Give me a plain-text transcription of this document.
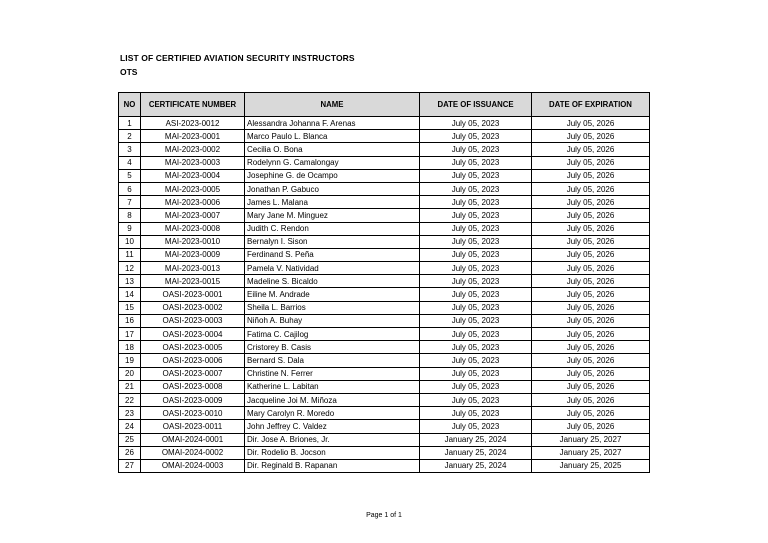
LIST OF CERTIFIED AVIATION SECURITY INSTRUCTORS
OTS
NO	CERTIFICATE NUMBER	NAME	DATE OF ISSUANCE	DATE OF EXPIRATION
1	ASI-2023-0012	Alessandra Johanna F. Arenas	July 05, 2023	July 05, 2026
2	MAI-2023-0001	Marco Paulo L. Blanca	July 05, 2023	July 05, 2026
3	MAI-2023-0002	Cecilia O. Bona	July 05, 2023	July 05, 2026
4	MAI-2023-0003	Rodelynn G. Camalongay	July 05, 2023	July 05, 2026
5	MAI-2023-0004	Josephine G. de Ocampo	July 05, 2023	July 05, 2026
6	MAI-2023-0005	Jonathan P. Gabuco	July 05, 2023	July 05, 2026
7	MAI-2023-0006	James L. Malana	July 05, 2023	July 05, 2026
8	MAI-2023-0007	Mary Jane M. Minguez	July 05, 2023	July 05, 2026
9	MAI-2023-0008	Judith C. Rendon	July 05, 2023	July 05, 2026
10	MAI-2023-0010	Bernalyn I. Sison	July 05, 2023	July 05, 2026
11	MAI-2023-0009	Ferdinand S. Peña	July 05, 2023	July 05, 2026
12	MAI-2023-0013	Pamela V. Natividad	July 05, 2023	July 05, 2026
13	MAI-2023-0015	Madeline S. Bicaldo	July 05, 2023	July 05, 2026
14	OASI-2023-0001	Eiline M. Andrade	July 05, 2023	July 05, 2026
15	OASI-2023-0002	Sheila L. Barrios	July 05, 2023	July 05, 2026
16	OASI-2023-0003	Niñoh A. Buhay	July 05, 2023	July 05, 2026
17	OASI-2023-0004	Fatima C. Cajilog	July 05, 2023	July 05, 2026
18	OASI-2023-0005	Cristorey B. Casis	July 05, 2023	July 05, 2026
19	OASI-2023-0006	Bernard S. Dala	July 05, 2023	July 05, 2026
20	OASI-2023-0007	Christine N. Ferrer	July 05, 2023	July 05, 2026
21	OASI-2023-0008	Katherine L. Labitan	July 05, 2023	July 05, 2026
22	OASI-2023-0009	Jacqueline Joi M. Miñoza	July 05, 2023	July 05, 2026
23	OASI-2023-0010	Mary Carolyn R. Moredo	July 05, 2023	July 05, 2026
24	OASI-2023-0011	John Jeffrey C. Valdez	July 05, 2023	July 05, 2026
25	OMAI-2024-0001	Dir. Jose A. Briones, Jr.	January 25, 2024	January 25, 2027
26	OMAI-2024-0002	Dir. Rodelio B. Jocson	January 25, 2024	January 25, 2027
27	OMAI-2024-0003	Dir. Reginald B. Rapanan	January 25, 2024	January 25, 2025
Page 1 of 1
